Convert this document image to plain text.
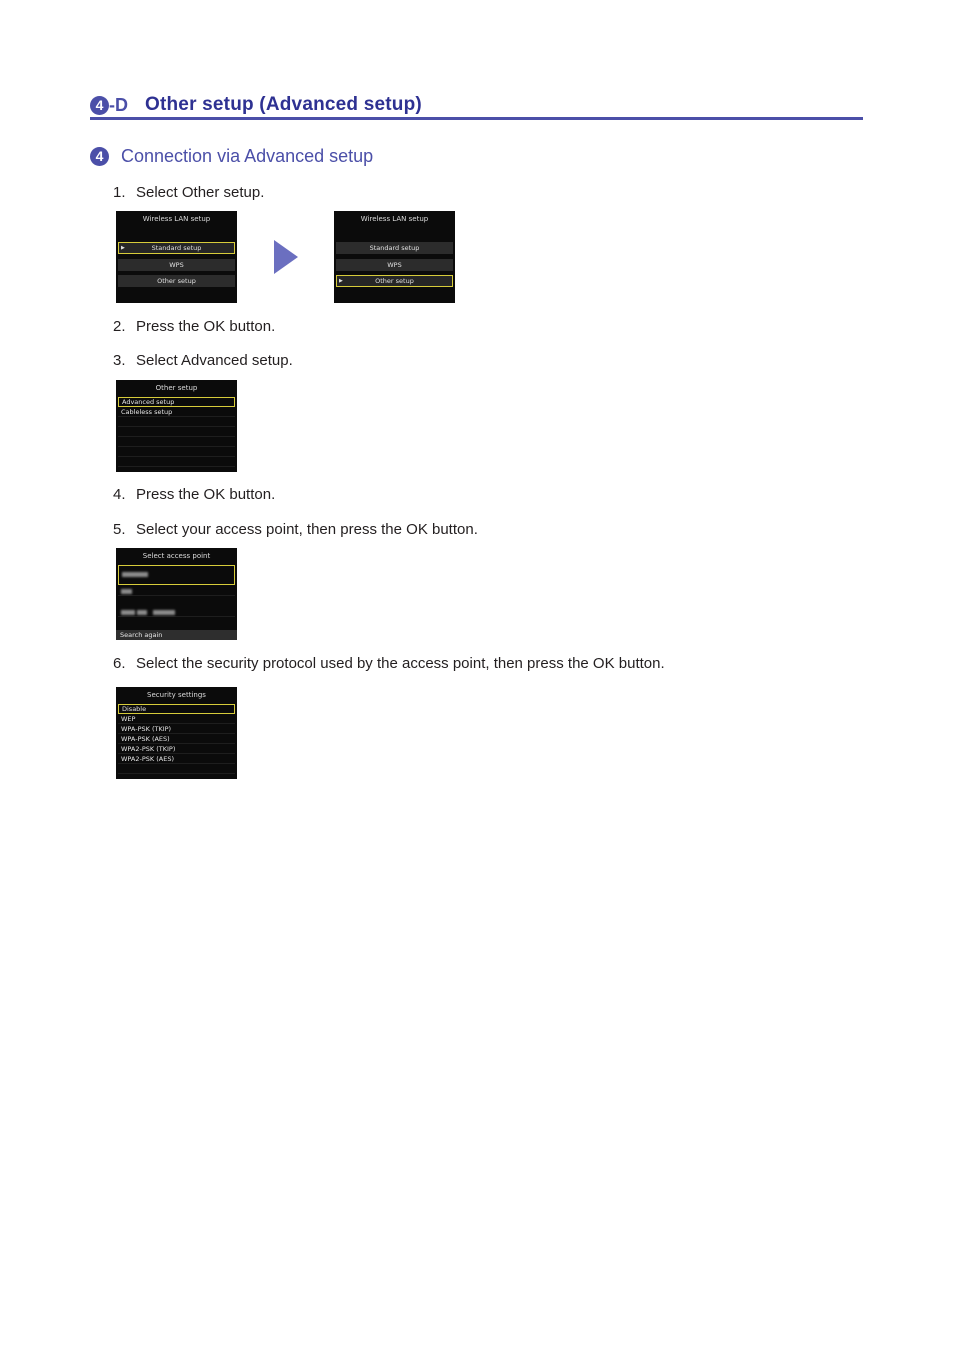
4 -D Other setup (Advanced setup)
4 Connection via Advanced setup
1. Select Other setup.
Wireless LAN setup
▶	Standard setup
WPS
Other setup
Wireless LAN setup
Standard setup
WPS
▶	Other setup
2. Press the OK button.
3. Select Advanced setup.
Other setup
Advanced setup
Cableless setup
4. Press the OK button.
5. Select your access point, then press the OK button.
Select access point

Search again
6. Select the security protocol used by the access point, then press the OK button.
Security settings
Disable
WEP
WPA-PSK (TKIP)
WPA-PSK (AES)
WPA2-PSK (TKIP)
WPA2-PSK (AES)
